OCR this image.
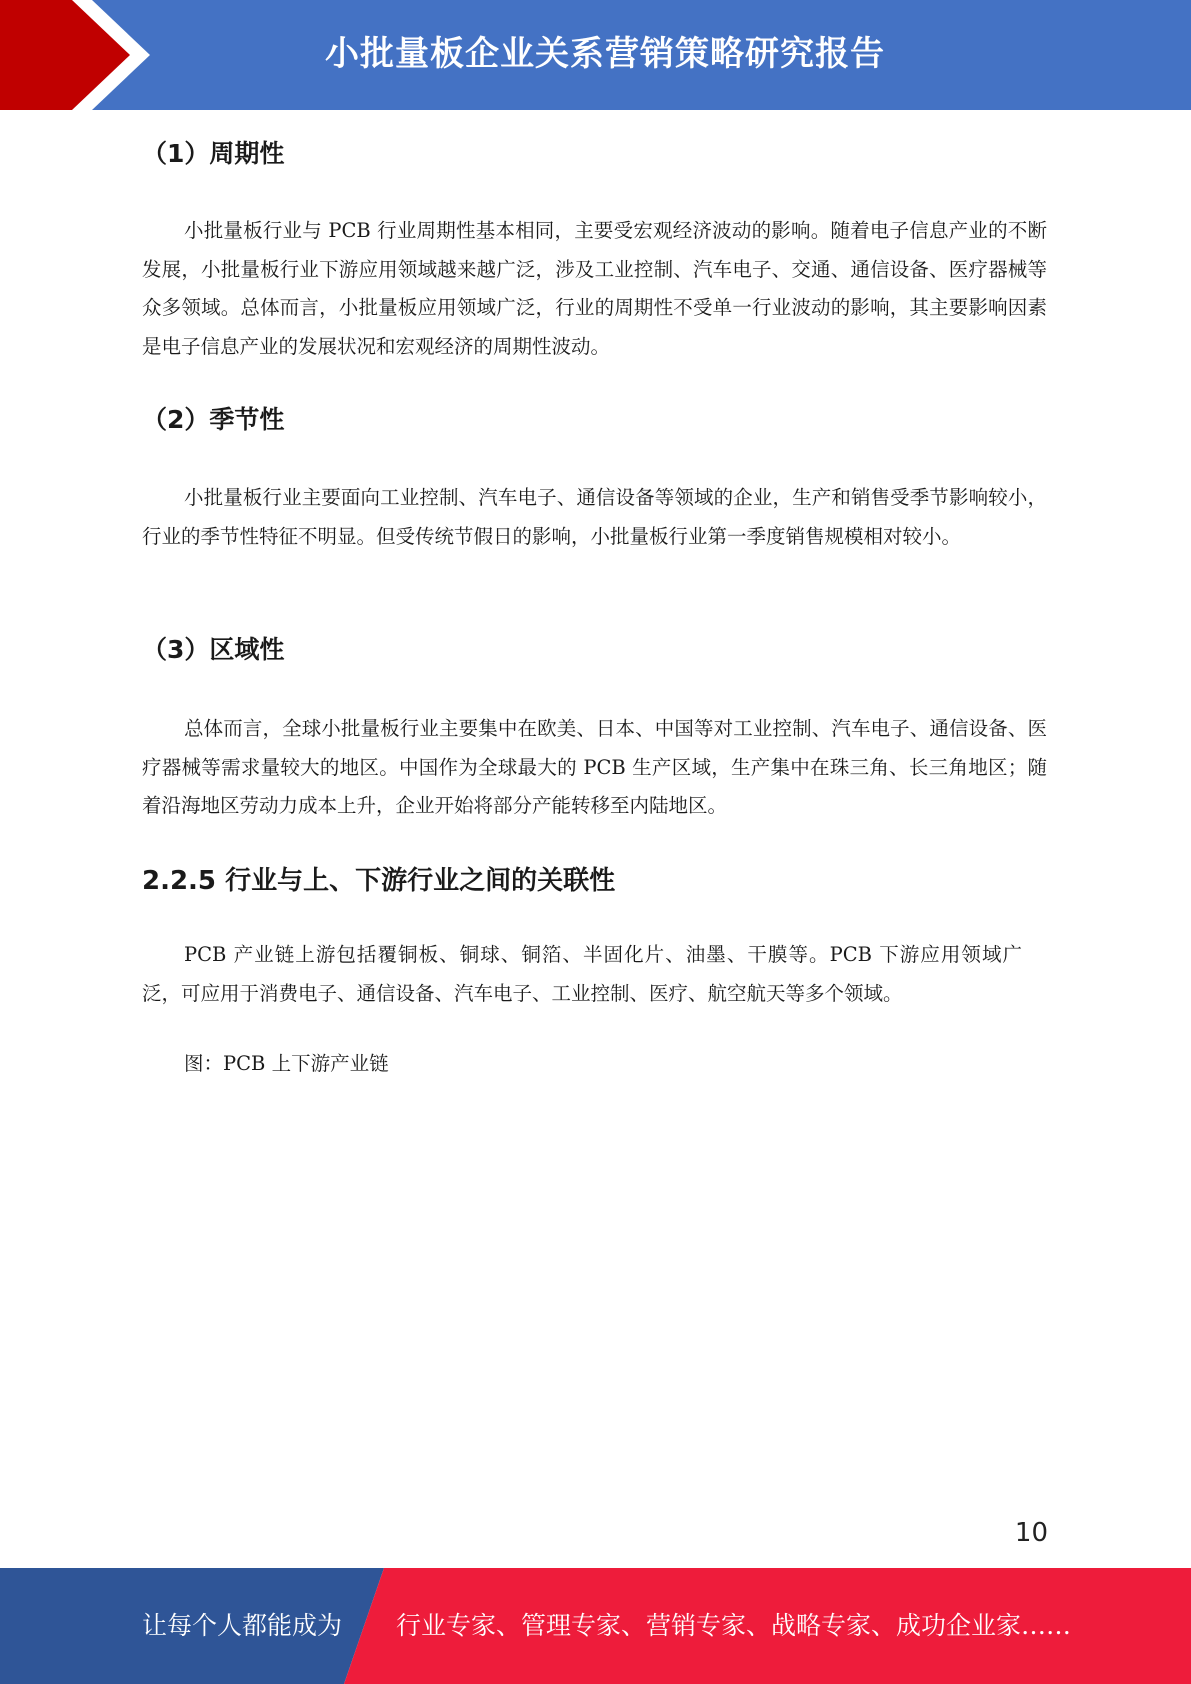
小批量板企业关系营销策略研究报告
（1）周期性

小批量板行业与 PCB 行业周期性基本相同，主要受宏观经济波动的影响。随着电子信息产业的不断发展，小批量板行业下游应用领域越来越广泛，涉及工业控制、汽车电子、交通、通信设备、医疗器械等众多领域。总体而言，小批量板应用领域广泛，行业的周期性不受单一行业波动的影响，其主要影响因素是电子信息产业的发展状况和宏观经济的周期性波动。

（2）季节性

小批量板行业主要面向工业控制、汽车电子、通信设备等领域的企业，生产和销售受季节影响较小，行业的季节性特征不明显。但受传统节假日的影响，小批量板行业第一季度销售规模相对较小。

（3）区域性

总体而言，全球小批量板行业主要集中在欧美、日本、中国等对工业控制、汽车电子、通信设备、医疗器械等需求量较大的地区。中国作为全球最大的 PCB 生产区域，生产集中在珠三角、长三角地区；随着沿海地区劳动力成本上升，企业开始将部分产能转移至内陆地区。

2.2.5 行业与上、下游行业之间的关联性

PCB 产业链上游包括覆铜板、铜球、铜箔、半固化片、油墨、干膜等。PCB 下游应用领域广泛，可应用于消费电子、通信设备、汽车电子、工业控制、医疗、航空航天等多个领域。

图：PCB 上下游产业链

10
让每个人都能成为 行业专家、管理专家、营销专家、战略专家、成功企业家……
